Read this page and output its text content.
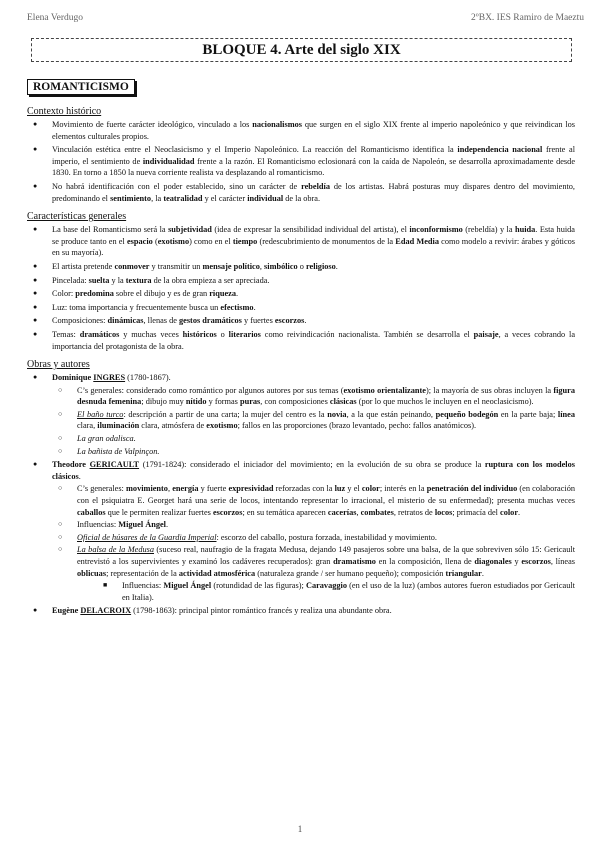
Elena Verdugo	2ºBX. IES Ramiro de Maeztu
BLOQUE 4. Arte del siglo XIX
ROMANTICISMO
Contexto histórico
● Movimiento de fuerte carácter ideológico, vinculado a los nacionalismos que surgen en el siglo XIX frente al imperio napoleónico y que reivindican los elementos culturales propios.
● Vinculación estética entre el Neoclasicismo y el Imperio Napoleónico. La reacción del Romanticismo identifica la independencia nacional frente al imperio, el sentimiento de individualidad frente a la razón. El Romanticismo eclosionará con la caída de Napoleón, se desarrolla aproximadamente desde 1830. En torno a 1850 la nueva corriente realista va desplazando al romanticismo.
● No habrá identificación con el poder establecido, sino un carácter de rebeldía de los artistas. Habrá posturas muy dispares dentro del movimiento, predominando el sentimiento, la teatralidad y el carácter individual de la obra.
Características generales
● La base del Romanticismo será la subjetividad (idea de expresar la sensibilidad individual del artista), el inconformismo (rebeldía) y la huida. Esta huida se produce tanto en el espacio (exotismo) como en el tiempo (redescubrimiento de monumentos de la Edad Media como modelo a revivir: árabes y góticos en su mayoría).
● El artista pretende conmover y transmitir un mensaje político, simbólico o religioso.
● Pincelada: suelta y la textura de la obra empieza a ser apreciada.
● Color: predomina sobre el dibujo y es de gran riqueza.
● Luz: toma importancia y frecuentemente busca un efectismo.
● Composiciones: dinámicas, llenas de gestos dramáticos y fuertes escorzos.
● Temas: dramáticos y muchas veces históricos o literarios como reivindicación nacionalista. También se desarrolla el paisaje, a veces cobrando la importancia del protagonista de la obra.
Obras y autores
● Dominique INGRES (1780-1867).
○ C’s generales: considerado como romántico por algunos autores por sus temas (exotismo orientalizante); la mayoría de sus obras incluyen la figura desnuda femenina; dibujo muy nítido y formas puras, con composiciones clásicas (por lo que muchos le incluyen en el neoclasicismo).
○ El baño turco: descripción a partir de una carta; la mujer del centro es la novia, a la que están peinando, pequeño bodegón en la parte baja; línea clara, iluminación clara, atmósfera de exotismo; fallos en las proporciones (brazo levantado, pecho: fallos anatómicos).
○ La gran odalisca.
○ La bañista de Valpinçon.
● Theodore GERICAULT (1791-1824): considerado el iniciador del movimiento; en la evolución de su obra se produce la ruptura con los modelos clásicos.
○ C’s generales: movimiento, energía y fuerte expresividad reforzadas con la luz y el color; interés en la penetración del individuo (en colaboración con el psiquiatra E. Georget hará una serie de locos, intentando representar lo irracional, el misterio de su enfermedad); presenta muchas veces caballos que le permiten realizar fuertes escorzos; en su temática aparecen cacerías, combates, retratos de locos; primacía del color.
○ Influencias: Miguel Ángel.
○ Oficial de húsares de la Guardia Imperial: escorzo del caballo, postura forzada, inestabilidad y movimiento.
○ La balsa de la Medusa (suceso real, naufragio de la fragata Medusa, dejando 149 pasajeros sobre una balsa, de la que sobreviven sólo 15: Gericault entrevistó a los supervivientes y examinó los cadáveres recuperados): gran dramatismo en la composición, llena de diagonales y escorzos, líneas oblicuas; representación de la actividad atmosférica (naturaleza grande / ser humano pequeño); composición triangular.
■ Influencias: Miguel Ángel (rotundidad de las figuras); Caravaggio (en el uso de la luz) (ambos autores fueron estudiados por Gericault en Italia).
● Eugène DELACROIX (1798-1863): principal pintor romántico francés y realiza una abundante obra.
1
